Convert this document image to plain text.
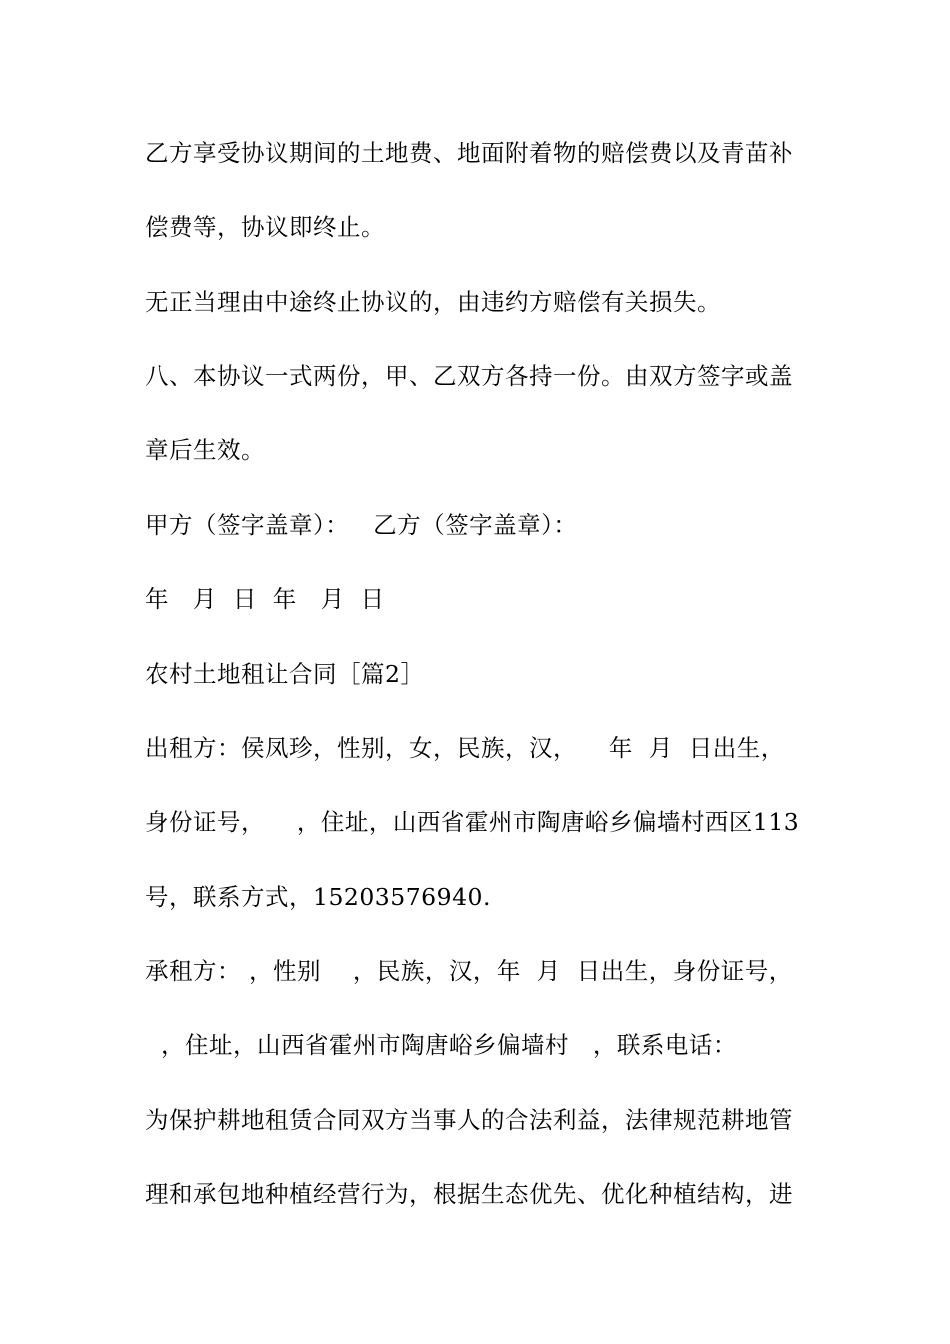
乙方享受协议期间的土地费、地面附着物的赔偿费以及青苗补
偿费等，协议即终止。
无正当理由中途终止协议的，由违约方赔偿有关损失。
八、本协议一式两份，甲、乙双方各持一份。由双方签字或盖
章后生效。
甲方（签字盖章）：   乙方（签字盖章）：
年   月  日  年   月  日
农村土地租让合同［篇2］
出租方：侯凤珍，性别，女，民族，汉，    年  月  日出生，
身份证号，    ，住址，山西省霍州市陶唐峪乡偏墙村西区113
号，联系方式，15203576940.
承租方： ，性别    ，民族，汉，年  月  日出生，身份证号，
，住址，山西省霍州市陶唐峪乡偏墙村   ，联系电话：
为保护耕地租赁合同双方当事人的合法利益，法律规范耕地管
理和承包地种植经营行为，根据生态优先、优化种植结构，进
